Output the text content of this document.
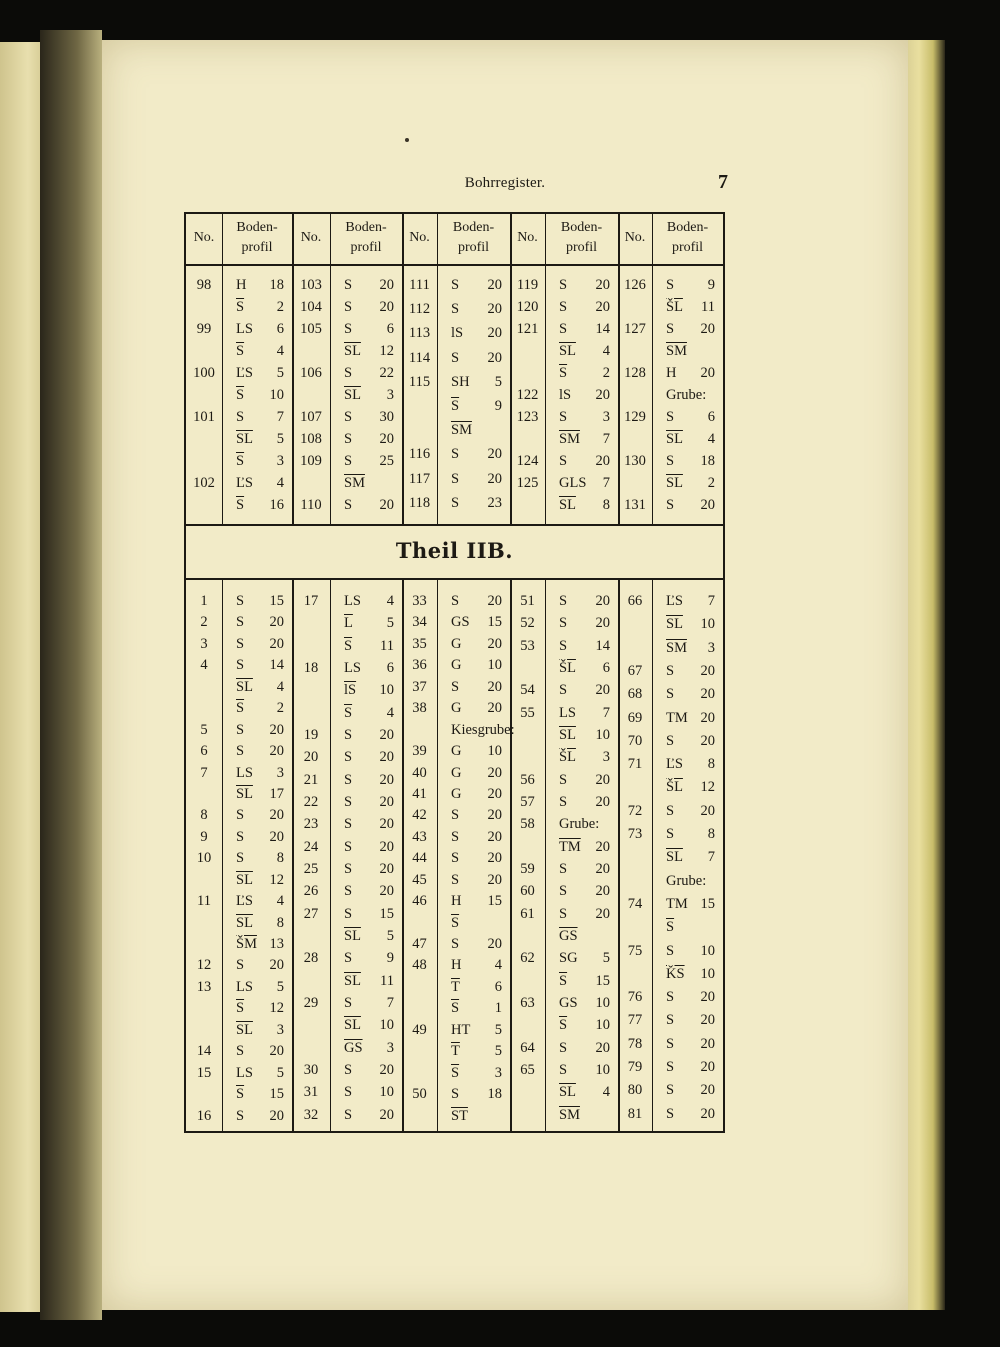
Bohrregister.	7
Theil IIB.
No.
Boden-
profil
No.
Boden-
profil
No.
Boden-
profil
No.
Boden-
profil
No.
Boden-
profil
98	H 18
$\overline{S}$ 2
99	LS 6
$\overline{S}$ 4
100	ĽS 5
$\overline{S}$ 10
101	S 7
$\overline{SL}$ 5
$\overline{S}$ 3
102	ĽS 4
$\overline{S}$ 16
103	S 20
104	S 20
105	S 6
$\overline{SL}$ 12
106	S 22
$\overline{SL}$ 3
107	S 30
108	S 20
109	S 25
$\overline{SM}$
110	S 20
111	S 20
112	S 20
113	lS 20
114	S 20
115	SH 5
$\overline{S}$ 9
$\overline{SM}$
116	S 20
117	S 20
118	S 23
119	S 20
120	S 20
121	S 14
$\overline{SL}$ 4
$\overline{S}$ 2
122	lS 20
123	S 3
$\overline{SM}$ 7
124	S 20
125	GLS 7
$\overline{SL}$ 8
126	S 9
$\overline{ŠL}$ 11
127	S 20
$\overline{SM}$
128	H 20
Grube:
129	S 6
$\overline{SL}$ 4
130	S 18
$\overline{SL}$ 2
131	S 20
1	S 15
2	S 20
3	S 20
4	S 14
$\overline{SL}$ 4
$\overline{S}$ 2
5	S 20
6	S 20
7	LS 3
$\overline{SL}$ 17
8	S 20
9	S 20
10	S 8
$\overline{SL}$ 12
11	ĽS 4
$\overline{SL}$ 8
$\overline{ŠM}$ 13
12	S 20
13	LS 5
$\overline{S}$ 12
$\overline{SL}$ 3
14	S 20
15	LS 5
$\overline{S}$ 15
16	S 20
17	LS 4
$\overline{L}$ 5
$\overline{S}$ 11
18	LS 6
$\overline{lS}$ 10
$\overline{S}$ 4
19	S 20
20	S 20
21	S 20
22	S 20
23	S 20
24	S 20
25	S 20
26	S 20
27	S 15
$\overline{SL}$ 5
28	S 9
$\overline{SL}$ 11
29	S 7
$\overline{SL}$ 10
$\overline{GS}$ 3
30	S 20
31	S 10
32	S 20
33	S 20
34	GS 15
35	G 20
36	G 10
37	S 20
38	G 20
Kiesgrube:
39	G 10
40	G 20
41	G 20
42	S 20
43	S 20
44	S 20
45	S 20
46	H 15
$\overline{S}$
47	S 20
48	H 4
$\overline{T}$ 6
$\overline{S}$ 1
49	HT 5
$\overline{T}$ 5
$\overline{S}$ 3
50	S 18
$\overline{ST}$
51	S 20
52	S 20
53	S 14
$\overline{ŠL}$ 6
54	S 20
55	LS 7
$\overline{SL}$ 10
$\overline{ŠL}$ 3
56	S 20
57	S 20
58	Grube:
$\overline{TM}$ 20
59	S 20
60	S 20
61	S 20
$\overline{GS}$
62	SG 5
$\overline{S}$ 15
63	GS 10
$\overline{S}$ 10
64	S 20
65	S 10
$\overline{SL}$ 4
$\overline{SM}$
66	ĽS 7
$\overline{SL}$ 10
$\overline{SM}$ 3
67	S 20
68	S 20
69	TM 20
70	S 20
71	ĽS 8
$\overline{ŠL}$ 12
72	S 20
73	S 8
$\overline{SL}$ 7
Grube:
74	TM 15
$\overline{S}$
75	S 10
$\overline{ǨS}$ 10
76	S 20
77	S 20
78	S 20
79	S 20
80	S 20
81	S 20
